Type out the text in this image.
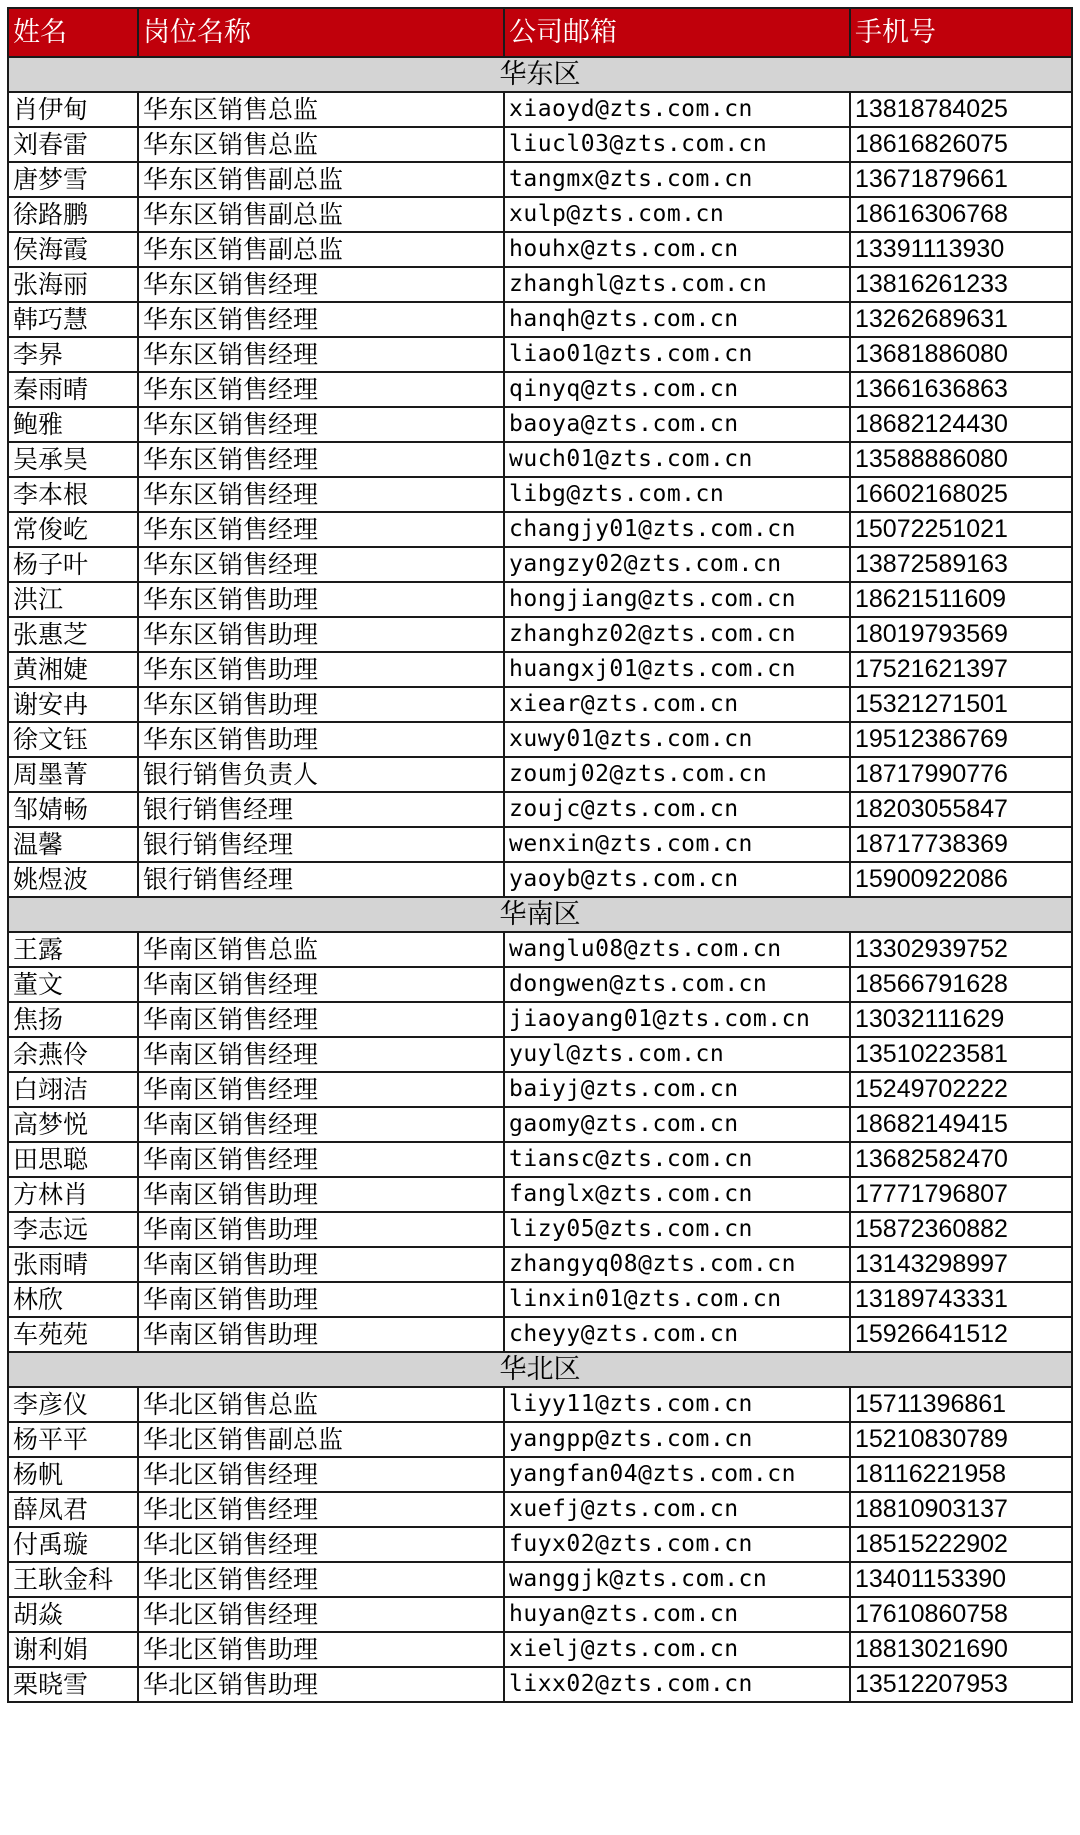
姓名	岗位名称	公司邮箱	手机号
华东区			
肖伊甸	华东区销售总监	xiaoyd@zts.com.cn	13818784025
刘春雷	华东区销售总监	liucl03@zts.com.cn	18616826075
唐梦雪	华东区销售副总监	tangmx@zts.com.cn	13671879661
徐路鹏	华东区销售副总监	xulp@zts.com.cn	18616306768
侯海霞	华东区销售副总监	houhx@zts.com.cn	13391113930
张海丽	华东区销售经理	zhanghl@zts.com.cn	13816261233
韩巧慧	华东区销售经理	hanqh@zts.com.cn	13262689631
李昦	华东区销售经理	liao01@zts.com.cn	13681886080
秦雨晴	华东区销售经理	qinyq@zts.com.cn	13661636863
鲍雅	华东区销售经理	baoya@zts.com.cn	18682124430
吴承昊	华东区销售经理	wuch01@zts.com.cn	13588886080
李本根	华东区销售经理	libg@zts.com.cn	16602168025
常俊屹	华东区销售经理	changjy01@zts.com.cn	15072251021
杨子叶	华东区销售经理	yangzy02@zts.com.cn	13872589163
洪江	华东区销售助理	hongjiang@zts.com.cn	18621511609
张惠芝	华东区销售助理	zhanghz02@zts.com.cn	18019793569
黄湘婕	华东区销售助理	huangxj01@zts.com.cn	17521621397
谢安冉	华东区销售助理	xiear@zts.com.cn	15321271501
徐文钰	华东区销售助理	xuwy01@zts.com.cn	19512386769
周墨菁	银行销售负责人	zoumj02@zts.com.cn	18717990776
邹婧畅	银行销售经理	zoujc@zts.com.cn	18203055847
温馨	银行销售经理	wenxin@zts.com.cn	18717738369
姚煜波	银行销售经理	yaoyb@zts.com.cn	15900922086
华南区			
王露	华南区销售总监	wanglu08@zts.com.cn	13302939752
董文	华南区销售经理	dongwen@zts.com.cn	18566791628
焦扬	华南区销售经理	jiaoyang01@zts.com.cn	13032111629
余燕伶	华南区销售经理	yuyl@zts.com.cn	13510223581
白翊洁	华南区销售经理	baiyj@zts.com.cn	15249702222
高梦悦	华南区销售经理	gaomy@zts.com.cn	18682149415
田思聪	华南区销售经理	tiansc@zts.com.cn	13682582470
方林肖	华南区销售助理	fanglx@zts.com.cn	17771796807
李志远	华南区销售助理	lizy05@zts.com.cn	15872360882
张雨晴	华南区销售助理	zhangyq08@zts.com.cn	13143298997
林欣	华南区销售助理	linxin01@zts.com.cn	13189743331
车苑苑	华南区销售助理	cheyy@zts.com.cn	15926641512
华北区			
李彦仪	华北区销售总监	liyy11@zts.com.cn	15711396861
杨平平	华北区销售副总监	yangpp@zts.com.cn	15210830789
杨帆	华北区销售经理	yangfan04@zts.com.cn	18116221958
薛凤君	华北区销售经理	xuefj@zts.com.cn	18810903137
付禹璇	华北区销售经理	fuyx02@zts.com.cn	18515222902
王耿金科	华北区销售经理	wanggjk@zts.com.cn	13401153390
胡焱	华北区销售经理	huyan@zts.com.cn	17610860758
谢利娟	华北区销售助理	xielj@zts.com.cn	18813021690
栗晓雪	华北区销售助理	lixx02@zts.com.cn	13512207953
